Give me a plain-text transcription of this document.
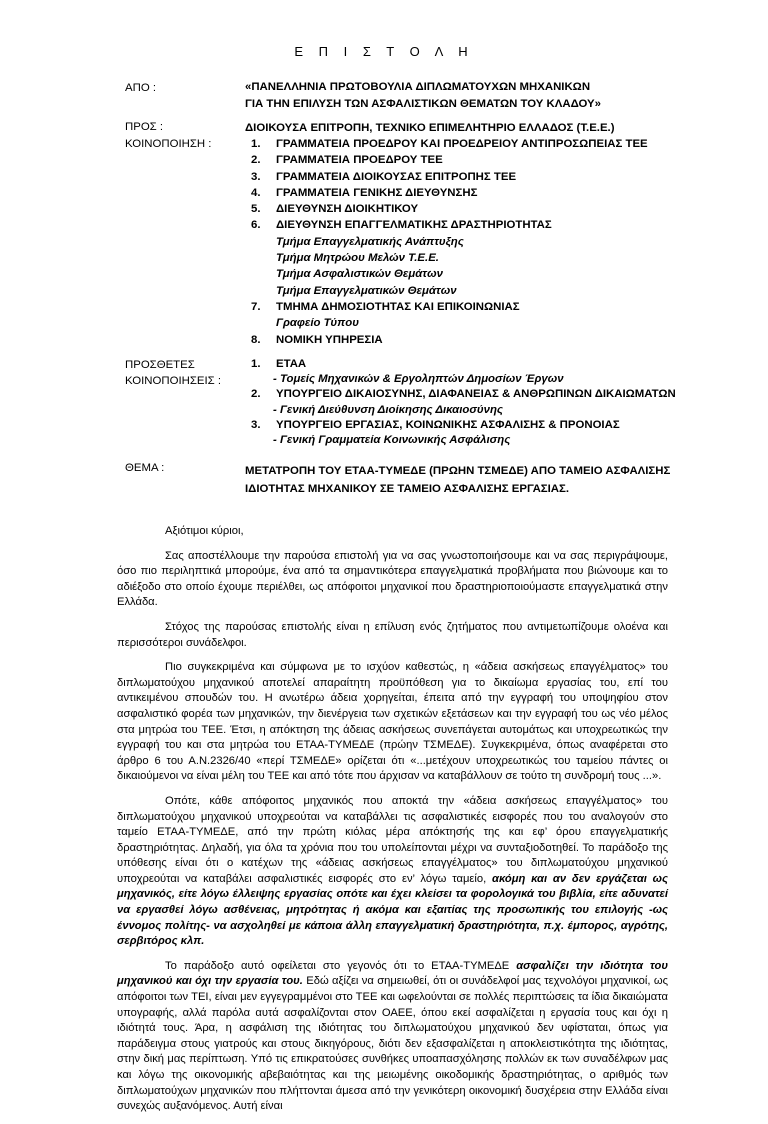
Ε Π Ι Σ Τ Ο Λ Η
ΑΠΟ :	«ΠΑΝΕΛΛΗΝΙΑ ΠΡΩΤΟΒΟΥΛΙΑ ΔΙΠΛΩΜΑΤΟΥΧΩΝ ΜΗΧΑΝΙΚΩΝ
ΓΙΑ ΤΗΝ ΕΠΙΛΥΣΗ ΤΩΝ ΑΣΦΑΛΙΣΤΙΚΩΝ ΘΕΜΑΤΩΝ ΤΟΥ ΚΛΑΔΟΥ»
ΠΡΟΣ :	ΔΙΟΙΚΟΥΣΑ ΕΠΙΤΡΟΠΗ, ΤΕΧΝΙΚΟ ΕΠΙΜΕΛΗΤΗΡΙΟ ΕΛΛΑΔΟΣ (Τ.Ε.Ε.)
ΚΟΙΝΟΠΟΙΗΣΗ :	1. ΓΡΑΜΜΑΤΕΙΑ ΠΡΟΕΔΡΟΥ ΚΑΙ ΠΡΟΕΔΡΕΙΟΥ ΑΝΤΙΠΡΟΣΩΠΕΙΑΣ ΤΕΕ
2. ΓΡΑΜΜΑΤΕΙΑ ΠΡΟΕΔΡΟΥ ΤΕΕ
3. ΓΡΑΜΜΑΤΕΙΑ ΔΙΟΙΚΟΥΣΑΣ ΕΠΙΤΡΟΠΗΣ ΤΕΕ
4. ΓΡΑΜΜΑΤΕΙΑ ΓΕΝΙΚΗΣ ΔΙΕΥΘΥΝΣΗΣ
5. ΔΙΕΥΘΥΝΣΗ ΔΙΟΙΚΗΤΙΚΟΥ
6. ΔΙΕΥΘΥΝΣΗ ΕΠΑΓΓΕΛΜΑΤΙΚΗΣ ΔΡΑΣΤΗΡΙΟΤΗΤΑΣ
Τμήμα Επαγγελματικής Ανάπτυξης
Τμήμα Μητρώου Μελών Τ.Ε.Ε.
Τμήμα Ασφαλιστικών Θεμάτων
Τμήμα Επαγγελματικών Θεμάτων
7. ΤΜΗΜΑ ΔΗΜΟΣΙΟΤΗΤΑΣ ΚΑΙ ΕΠΙΚΟΙΝΩΝΙΑΣ
Γραφείο Τύπου
8. ΝΟΜΙΚΗ ΥΠΗΡΕΣΙΑ
ΠΡΟΣΘΕΤΕΣ
ΚΟΙΝΟΠΟΙΗΣΕΙΣ :
1. ΕΤΑΑ
- Τομείς Μηχανικών & Εργοληπτών Δημοσίων Έργων
2. ΥΠΟΥΡΓΕΙΟ ΔΙΚΑΙΟΣΥΝΗΣ, ΔΙΑΦΑΝΕΙΑΣ & ΑΝΘΡΩΠΙΝΩΝ ΔΙΚΑΙΩΜΑΤΩΝ
- Γενική Διεύθυνση Διοίκησης Δικαιοσύνης
3. ΥΠΟΥΡΓΕΙΟ ΕΡΓΑΣΙΑΣ, ΚΟΙΝΩΝΙΚΗΣ ΑΣΦΑΛΙΣΗΣ & ΠΡΟΝΟΙΑΣ
- Γενική Γραμματεία Κοινωνικής Ασφάλισης
ΘΕΜΑ :	ΜΕΤΑΤΡΟΠΗ ΤΟΥ ΕΤΑΑ-ΤΥΜΕΔΕ (ΠΡΩΗΝ ΤΣΜΕΔΕ) ΑΠΟ ΤΑΜΕΙΟ ΑΣΦΑΛΙΣΗΣ
ΙΔΙΟΤΗΤΑΣ ΜΗΧΑΝΙΚΟΥ ΣΕ ΤΑΜΕΙΟ ΑΣΦΑΛΙΣΗΣ ΕΡΓΑΣΙΑΣ.

Αξιότιμοι κύριοι,

Σας αποστέλλουμε την παρούσα επιστολή για να σας γνωστοποιήσουμε και να σας περιγράψουμε, όσο πιο περιληπτικά μπορούμε, ένα από τα σημαντικότερα επαγγελματικά προβλήματα που βιώνουμε και το αδιέξοδο στο οποίο έχουμε περιέλθει, ως απόφοιτοι μηχανικοί που δραστηριοποιούμαστε επαγγελματικά στην Ελλάδα.

Στόχος της παρούσας επιστολής είναι η επίλυση ενός ζητήματος που αντιμετωπίζουμε ολοένα και περισσότεροι συνάδελφοι.

Πιο συγκεκριμένα και σύμφωνα με το ισχύον καθεστώς, η «άδεια ασκήσεως επαγγέλματος» του διπλωματούχου μηχανικού αποτελεί απαραίτητη προϋπόθεση για το δικαίωμα εργασίας του, επί του αντικειμένου σπουδών του. Η ανωτέρω άδεια χορηγείται, έπειτα από την εγγραφή του υποψηφίου στον ασφαλιστικό φορέα των μηχανικών, την διενέργεια των σχετικών εξετάσεων και την εγγραφή του ως νέο μέλος στα μητρώα του ΤΕΕ. Έτσι, η απόκτηση της άδειας ασκήσεως συνεπάγεται αυτομάτως και υποχρεωτικώς την εγγραφή του και στα μητρώα του ΕΤΑΑ-ΤΥΜΕΔΕ (πρώην ΤΣΜΕΔΕ). Συγκεκριμένα, όπως αναφέρεται στο άρθρο 6 του Α.Ν.2326/40 «περί ΤΣΜΕΔΕ» ορίζεται ότι «...μετέχουν υποχρεωτικώς του ταμείου πάντες οι δικαιούμενοι να είναι μέλη του ΤΕΕ και από τότε που άρχισαν να καταβάλλουν σε τούτο τη συνδρομή τους ...».

Οπότε, κάθε απόφοιτος μηχανικός που αποκτά την «άδεια ασκήσεως επαγγέλματος» του διπλωματούχου μηχανικού υποχρεούται να καταβάλλει τις ασφαλιστικές εισφορές που του αναλογούν στο ταμείο ΕΤΑΑ-ΤΥΜΕΔΕ, από την πρώτη κιόλας μέρα απόκτησής της και εφ’ όρου επαγγελματικής δραστηριότητας. Δηλαδή, για όλα τα χρόνια που του υπολείπονται μέχρι να συνταξιοδοτηθεί. Το παράδοξο της υπόθεσης είναι ότι ο κατέχων της «άδειας ασκήσεως επαγγέλματος» του διπλωματούχου μηχανικού υποχρεούται να καταβάλει ασφαλιστικές εισφορές στο εν’ λόγω ταμείο, ακόμη και αν δεν εργάζεται ως μηχανικός, είτε λόγω έλλειψης εργασίας οπότε και έχει κλείσει τα φορολογικά του βιβλία, είτε αδυνατεί να εργασθεί λόγω ασθένειας, μητρότητας ή ακόμα και εξαιτίας της προσωπικής του επιλογής -ως έννομος πολίτης- να ασχοληθεί με κάποια άλλη επαγγελματική δραστηριότητα, π.χ. έμπορος, αγρότης, σερβιτόρος κλπ.

Το παράδοξο αυτό οφείλεται στο γεγονός ότι το ΕΤΑΑ-ΤΥΜΕΔΕ ασφαλίζει την ιδιότητα του μηχανικού και όχι την εργασία του. Εδώ αξίζει να σημειωθεί, ότι οι συνάδελφοί μας τεχνολόγοι μηχανικοί, ως απόφοιτοι των ΤΕΙ, είναι μεν εγγεγραμμένοι στο ΤΕΕ και ωφελούνται σε πολλές περιπτώσεις τα ίδια δικαιώματα υπογραφής, αλλά παρόλα αυτά ασφαλίζονται στον ΟΑΕΕ, όπου εκεί ασφαλίζεται η εργασία τους και όχι η ιδιότητά τους. Άρα, η ασφάλιση της ιδιότητας του διπλωματούχου μηχανικού δεν υφίσταται, όπως για παράδειγμα στους γιατρούς και στους δικηγόρους, διότι δεν εξασφαλίζεται η αποκλειστικότητα της ιδιότητας, στην δική μας περίπτωση. Υπό τις επικρατούσες συνθήκες υποαπασχόλησης πολλών εκ των συναδέλφων μας και λόγω της οικονομικής αβεβαιότητας και της μειωμένης οικοδομικής δραστηριότητας, ο αριθμός των διπλωματούχων μηχανικών που πλήττονται άμεσα από την γενικότερη οικονομική δυσχέρεια στην Ελλάδα είναι συνεχώς αυξανόμενος. Αυτή είναι
